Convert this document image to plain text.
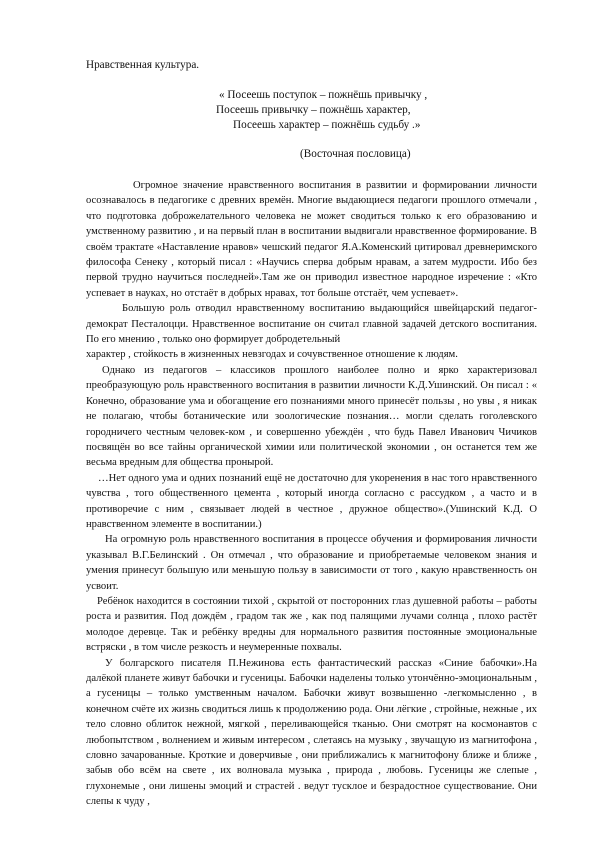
Нравственная культура.
« Посеешь поступок – пожнёшь привычку ,
Посеешь привычку – пожнёшь характер,
Посеешь характер – пожнёшь судьбу .»
(Восточная пословица)

Огромное значение нравственного воспитания в развитии и формировании личности осознавалось в педагогике с древних времён. Многие выдающиеся педагоги прошлого отмечали , что подготовка доброжелательного человека не может сводиться только к его образованию и умственному развитию , и на первый план в воспитании выдвигали нравственное формирование. В своём трактате «Наставление нравов» чешский педагог Я.А.Коменский цитировал древнеримского философа Сенеку , который писал : «Научись сперва добрым нравам, а затем мудрости. Ибо без первой трудно научиться последней».Там же он приводил известное народное изречение : «Кто успевает в науках, но отстаёт в добрых нравах, тот больше отстаёт, чем успевает».

Большую роль отводил нравственному воспитанию выдающийся швейцарский педагог-демократ Песталоцци. Нравственное воспитание он считал главной задачей детского воспитания. По его мнению , только оно формирует добродетельный

характер , стойкость в жизненных невзгодах и сочувственное отношение к людям.

Однако из педагогов – классиков прошлого наиболее полно и ярко характеризовал преобразующую роль нравственного воспитания в развитии личности К.Д.Ушинский. Он писал : « Конечно, образование ума и обогащение его познаниями много принесёт пользы , но увы , я никак не полагаю, чтобы ботанические или зоологические познания… могли сделать гоголевского городничего честным человек-ком , и совершенно убеждён , что будь Павел Иванович Чичиков посвящён во все тайны органической химии или политической экономии , он останется тем же весьма вредным для общества пронырой.

…Нет одного ума и одних познаний ещё не достаточно для укоренения в нас того нравственного чувства , того общественного цемента , который иногда согласно с рассудком , а часто и в противоречие с ним , связывает людей в честное , дружное общество».(Ушинский К.Д. О нравственном элементе в воспитании.)

На огромную роль нравственного воспитания в процессе обучения и формирования личности указывал В.Г.Белинский . Он отмечал , что образование и приобретаемые человеком знания и умения принесут большую или меньшую пользу в зависимости от того , какую нравственность он усвоит.

Ребёнок находится в состоянии тихой , скрытой от посторонних глаз душевной работы – работы роста и развития. Под дождём , градом так же , как под палящими лучами солнца , плохо растёт молодое деревце. Так и ребёнку вредны для нормального развития постоянные эмоциональные встряски , в том числе резкость и неумеренные похвалы.

У болгарского писателя П.Нежинова есть фантастический рассказ «Синие бабочки».На далёкой планете живут бабочки и гусеницы. Бабочки наделены только утончённо-эмоциональным , а гусеницы – только умственным началом. Бабочки живут возвышенно -легкомысленно , в конечном счёте их жизнь сводиться лишь к продолжению рода. Они лёгкие , стройные, нежные , их тело словно облиток нежной, мягкой , переливающейся тканью. Они смотрят на космонавтов с любопытством , волнением и живым интересом , слетаясь на музыку , звучащую из магнитофона , словно зачарованные. Кроткие и доверчивые , они приближались к магнитофону ближе и ближе , забыв обо всём на свете , их волновала музыка , природа , любовь. Гусеницы же слепые , глухонемые , они лишены эмоций и страстей . ведут тусклое и безрадостное существование. Они слепы к чуду ,
